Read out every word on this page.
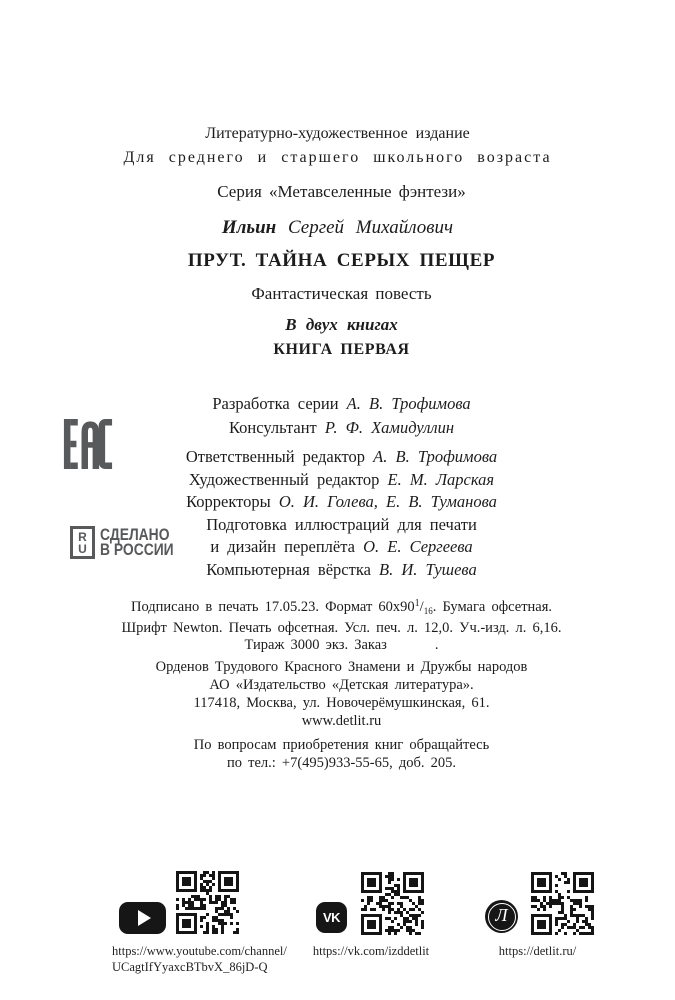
Литературно-художественное издание
Для среднего и старшего школьного возраста
Серия «Метавселенные фэнтези»
Ильин Сергей Михайлович
ПРУТ. ТАЙНА СЕРЫХ ПЕЩЕР
Фантастическая повесть
В двух книгах
КНИГА ПЕРВАЯ
Разработка серии А. В. Трофимова
Консультант Р. Ф. Хамидуллин
Ответственный редактор А. В. Трофимова
Художественный редактор Е. М. Ларская
Корректоры О. И. Голева, Е. В. Туманова
Подготовка иллюстраций для печати
и дизайн переплёта О. Е. Сергеева
Компьютерная вёрстка В. И. Тушева
Подписано в печать 17.05.23. Формат $60х90^1/_{16}$. Бумага офсетная.
Шрифт Newton. Печать офсетная. Усл. печ. л. 12,0. Уч.-изд. л. 6,16.
Тираж 3000 экз. Заказ	.
Орденов Трудового Красного Знамени и Дружбы народов
АО «Издательство «Детская литература».
117418, Москва, ул. Новочерёмушкинская, 61.
www.detlit.ru
По вопросам приобретения книг обращайтесь
по тел.: +7(495)933-55-65, доб. 205.
R
U
СДЕЛАНО
В РОССИИ
VK	Л
https://www.youtube.com/channel/
UCagtIfYyaxcBTbvX_86jD-Q
https://vk.com/izddetlit	https://detlit.ru/
